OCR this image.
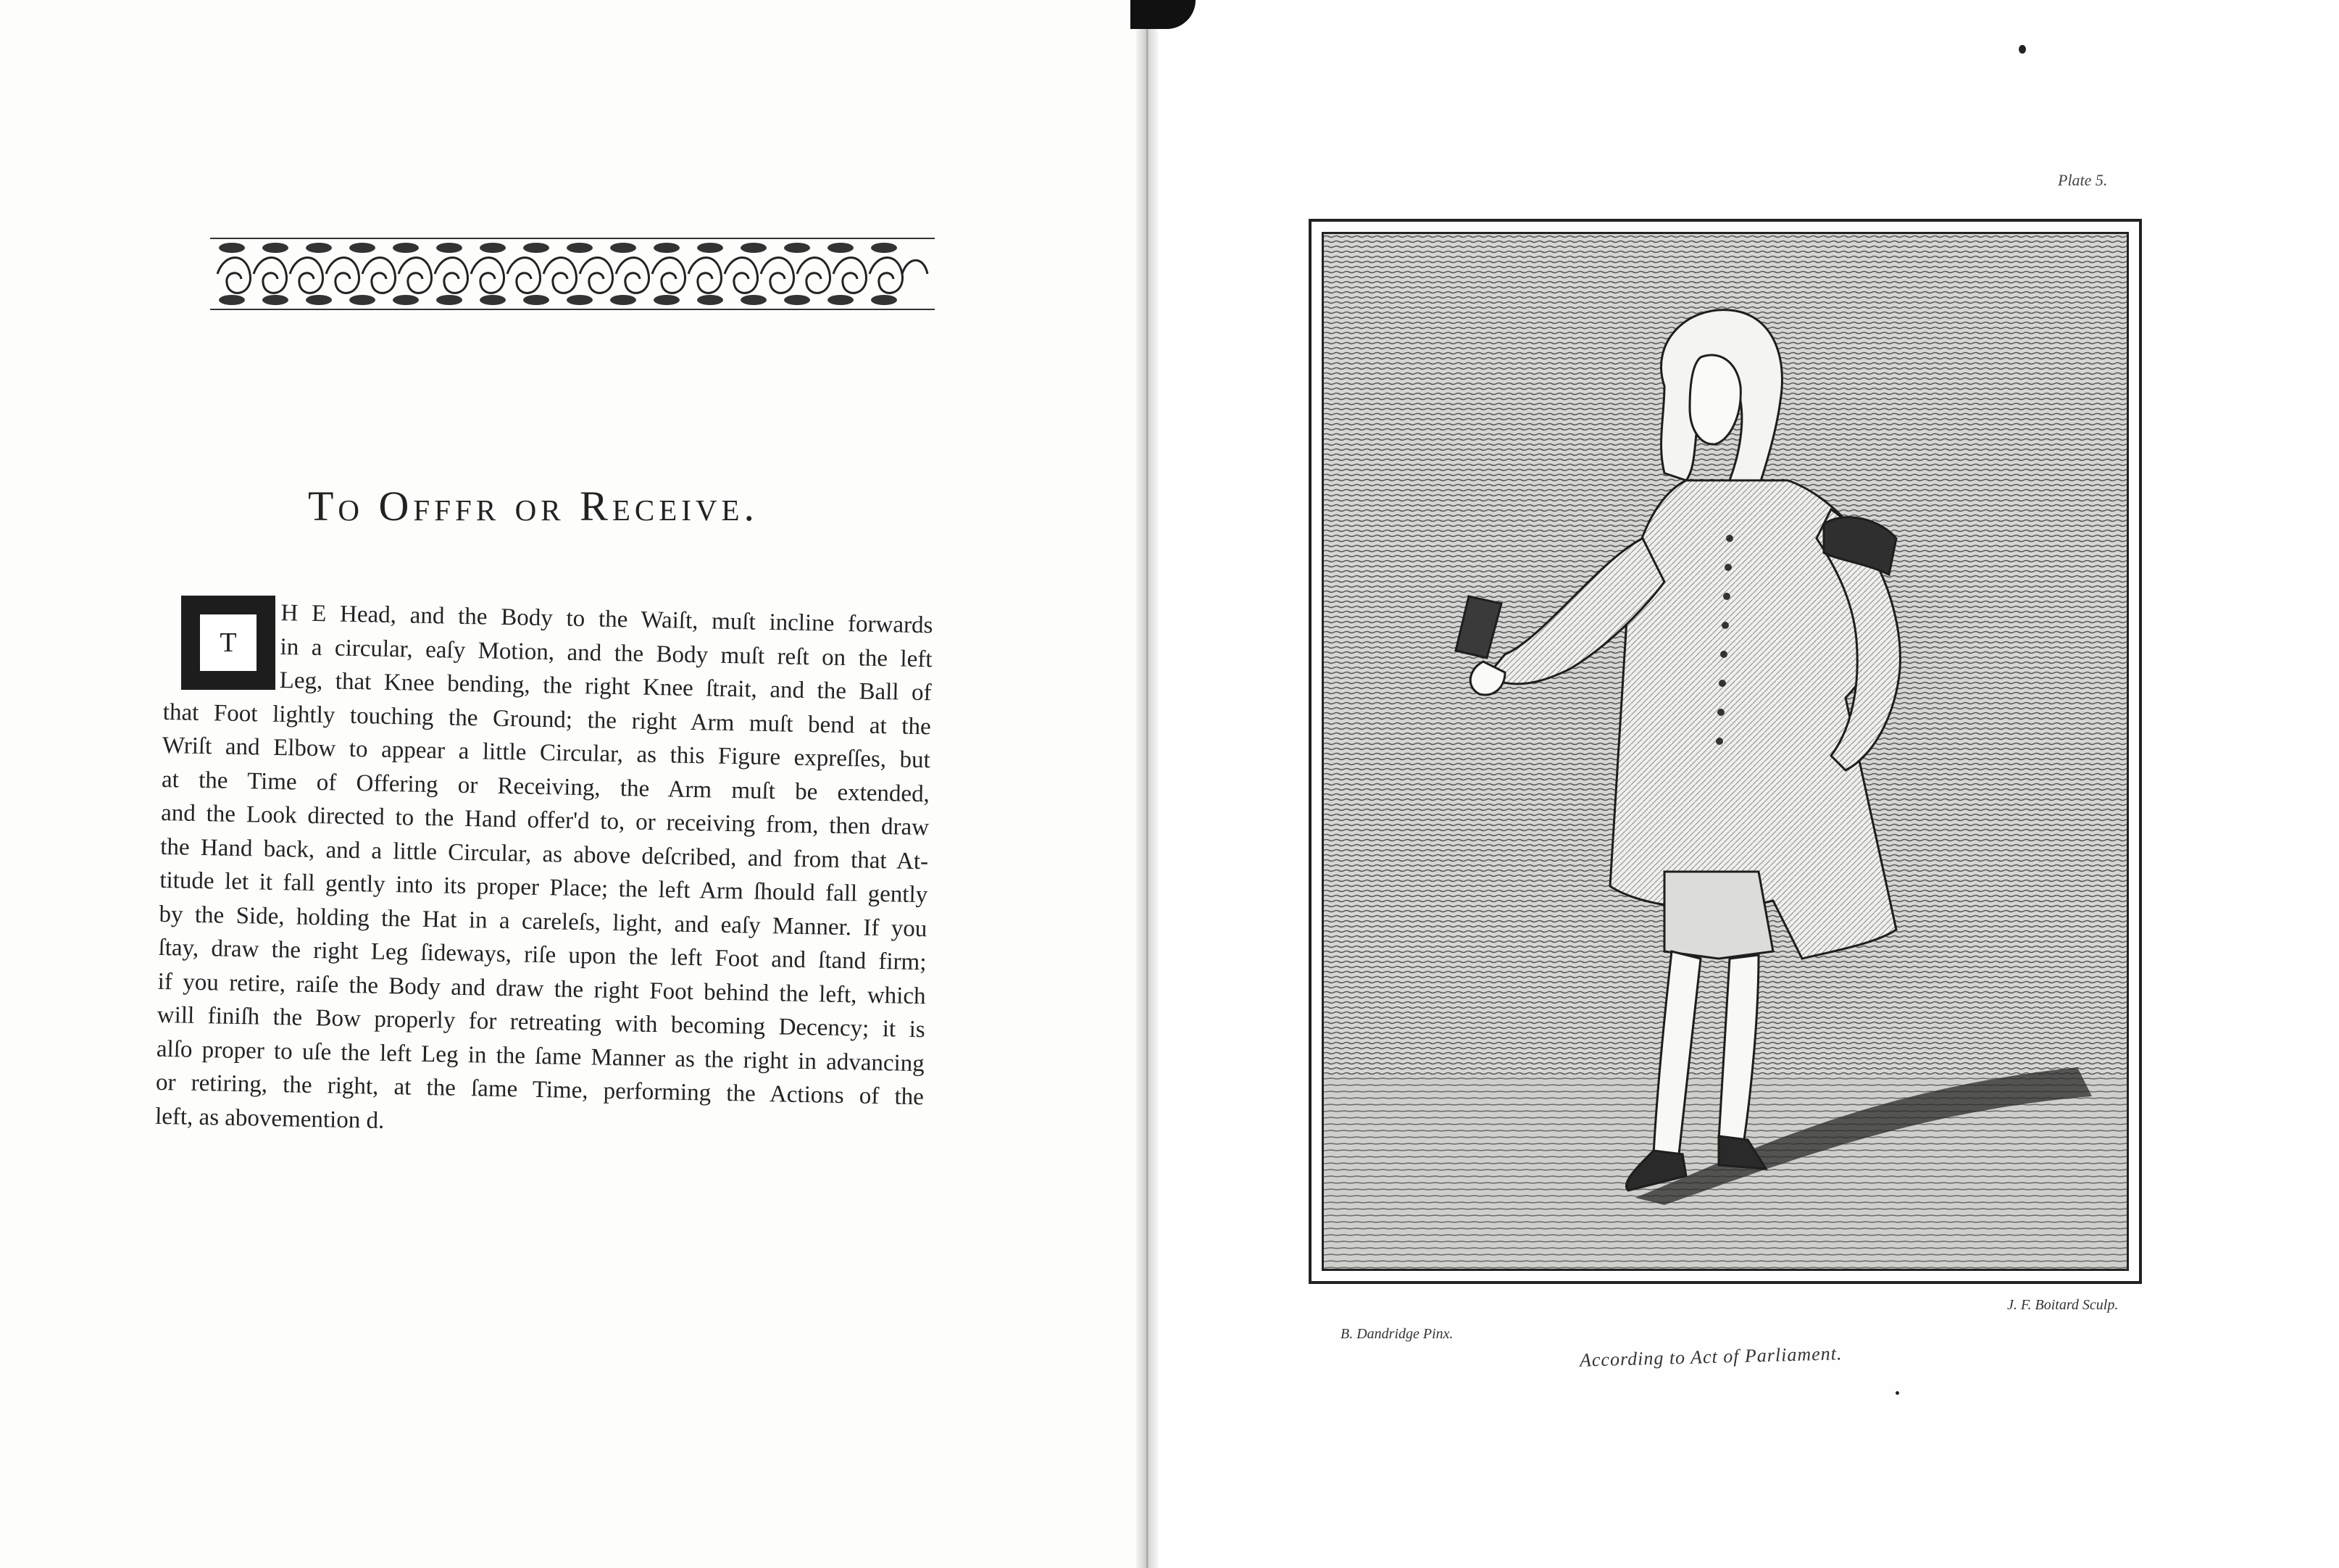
To Offfr or Receive.
T
H E Head, and the Body to the Waiſt, muſt incline forwards
in a circular, eaſy Motion, and the Body muſt reſt on the left
Leg, that Knee bending, the right Knee ſtrait, and the Ball of
that Foot lightly touching the Ground; the right Arm muſt bend at the
Wriſt and Elbow to appear a little Circular, as this Figure expreſſes, but
at the Time of Offering or Receiving, the Arm muſt be extended,
and the Look directed to the Hand offer'd to, or receiving from, then draw
the Hand back, and a little Circular, as above deſcribed, and from that At-
titude let it fall gently into its proper Place; the left Arm ſhould fall gently
by the Side, holding the Hat in a careleſs, light, and eaſy Manner. If you
ſtay, draw the right Leg ſideways, riſe upon the left Foot and ſtand firm;
if you retire, raiſe the Body and draw the right Foot behind the left, which
will finiſh the Bow properly for retreating with becoming Decency; it is
alſo proper to uſe the left Leg in the ſame Manner as the right in advancing
or retiring, the right, at the ſame Time, performing the Actions of the
left, as abovemention d.
Plate 5.
B. Dandridge Pinx.
J. F. Boitard Sculp.
According to Act of Parliament.
